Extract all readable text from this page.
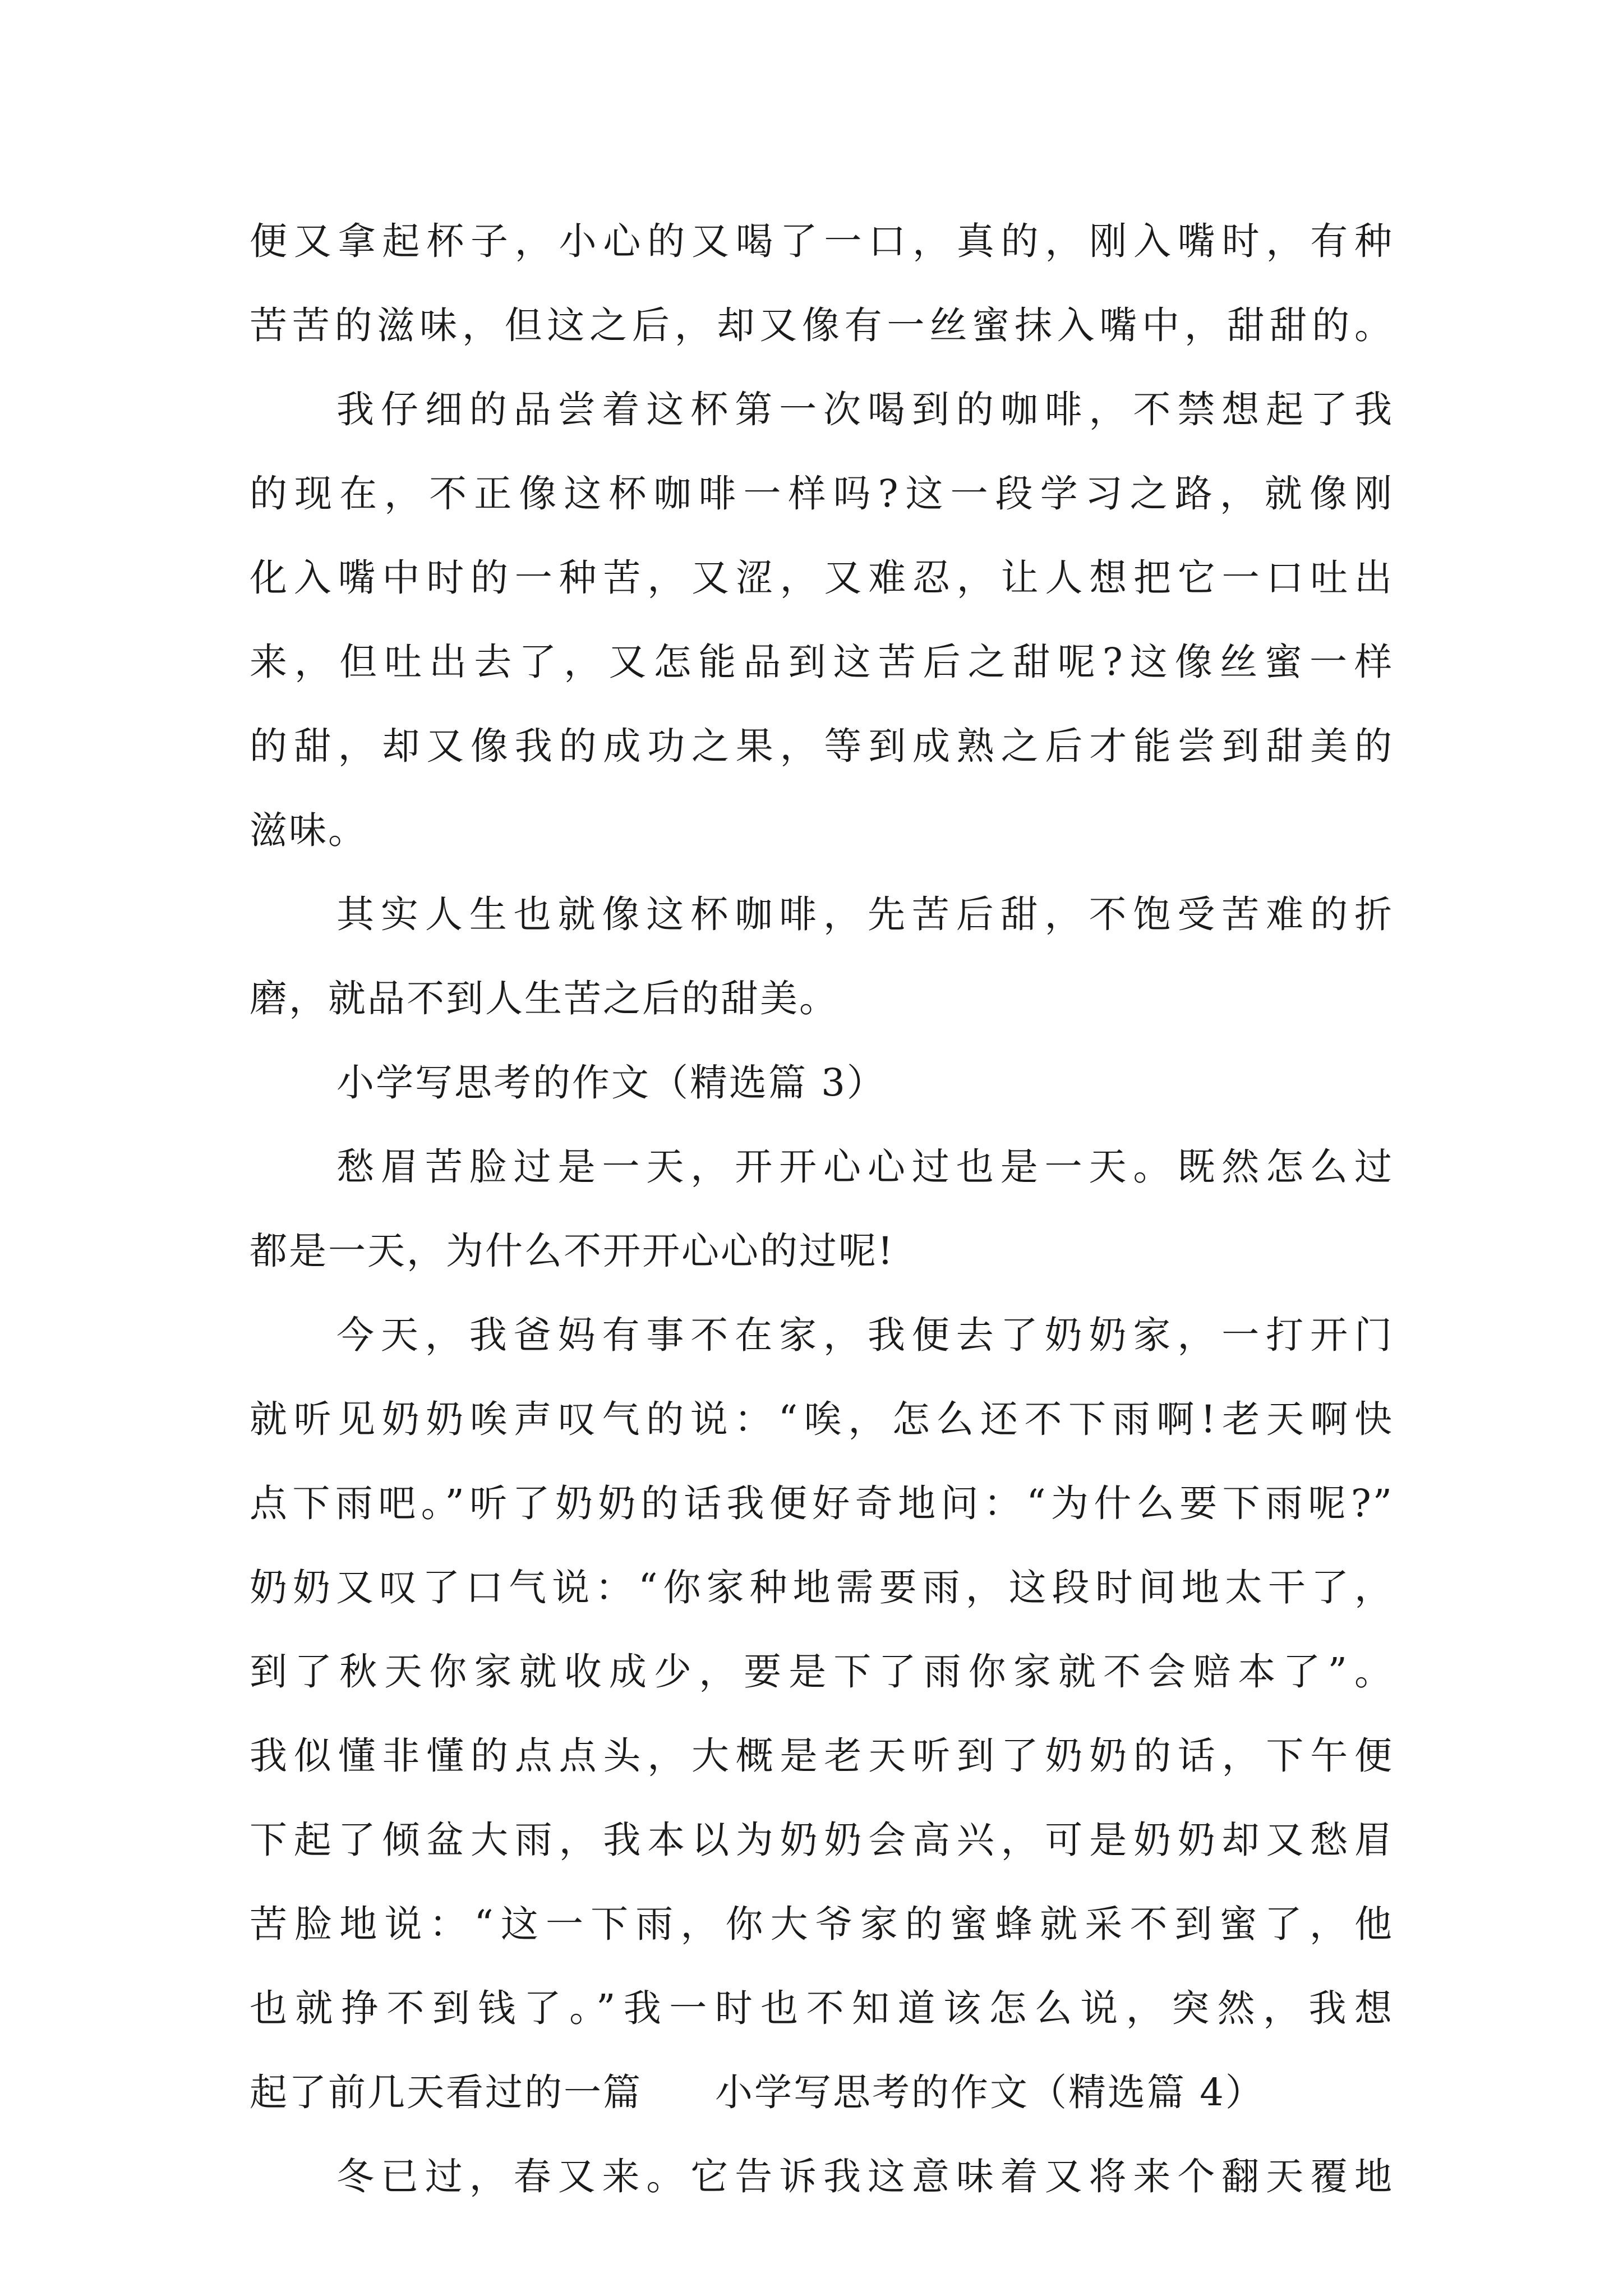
便又拿起杯子，小心的又喝了一口，真的，刚入嘴时，有种

苦苦的滋味，但这之后，却又像有一丝蜜抹入嘴中，甜甜的。

我仔细的品尝着这杯第一次喝到的咖啡，不禁想起了我

的现在，不正像这杯咖啡一样吗?这一段学习之路，就像刚

化入嘴中时的一种苦，又涩，又难忍，让人想把它一口吐出

来，但吐出去了，又怎能品到这苦后之甜呢?这像丝蜜一样

的甜，却又像我的成功之果，等到成熟之后才能尝到甜美的

滋味。

其实人生也就像这杯咖啡，先苦后甜，不饱受苦难的折

磨，就品不到人生苦之后的甜美。

小学写思考的作文（精选篇 3）

愁眉苦脸过是一天，开开心心过也是一天。既然怎么过

都是一天，为什么不开开心心的过呢!

今天，我爸妈有事不在家，我便去了奶奶家，一打开门

就听见奶奶唉声叹气的说：“唉，怎么还不下雨啊!老天啊快

点下雨吧。”听了奶奶的话我便好奇地问：“为什么要下雨呢?”

奶奶又叹了口气说：“你家种地需要雨，这段时间地太干了，

到了秋天你家就收成少，要是下了雨你家就不会赔本了”。

我似懂非懂的点点头，大概是老天听到了奶奶的话，下午便

下起了倾盆大雨，我本以为奶奶会高兴，可是奶奶却又愁眉

苦脸地说：“这一下雨，你大爷家的蜜蜂就采不到蜜了，他

也就挣不到钱了。”我一时也不知道该怎么说，突然，我想

起了前几天看过的一篇 小学写思考的作文（精选篇 4）

冬已过，春又来。它告诉我这意味着又将来个翻天覆地
